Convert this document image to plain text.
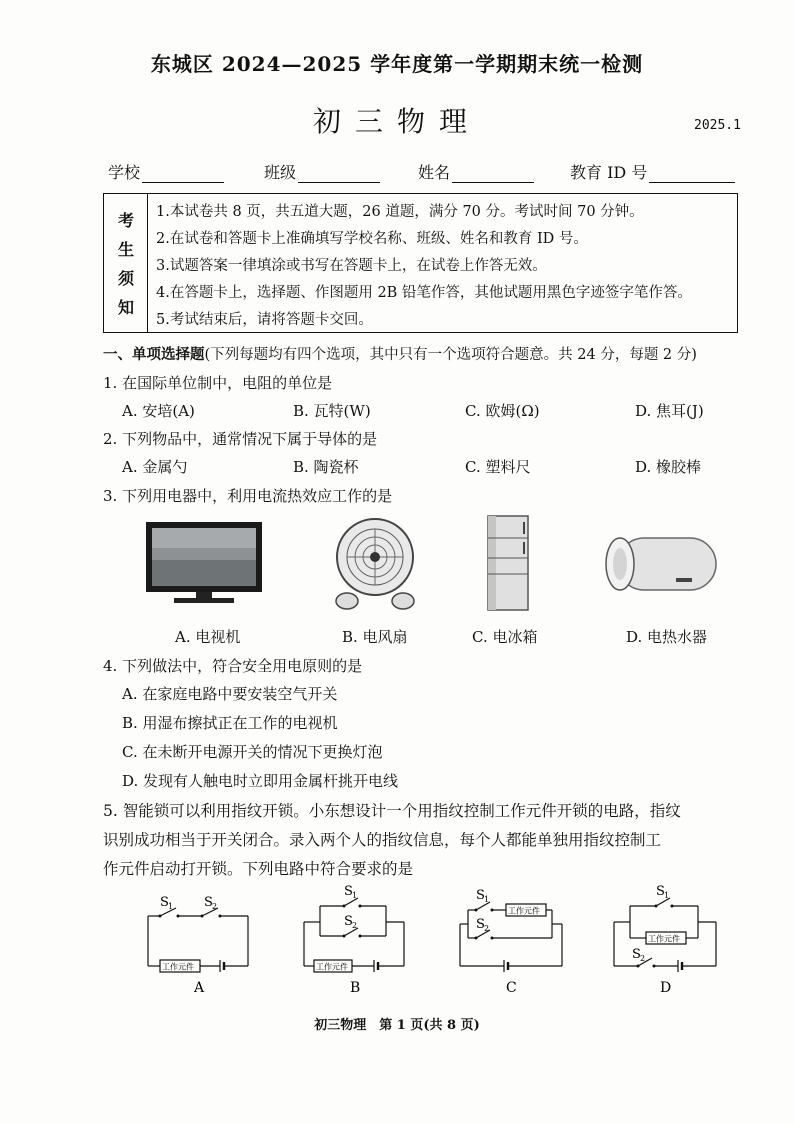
东城区 2024—2025 学年度第一学期期末统一检测
初三物理	2025.1
学校	班级	姓名	教育 ID 号
考
生
须
知
1.本试卷共 8 页，共五道大题，26 道题，满分 70 分。考试时间 70 分钟。
2.在试卷和答题卡上准确填写学校名称、班级、姓名和教育 ID 号。
3.试题答案一律填涂或书写在答题卡上，在试卷上作答无效。
4.在答题卡上，选择题、作图题用 2B 铅笔作答，其他试题用黑色字迹签字笔作答。
5.考试结束后，请将答题卡交回。
一、单项选择题(下列每题均有四个选项，其中只有一个选项符合题意。共 24 分，每题 2 分)
1. 在国际单位制中，电阻的单位是
A. 安培(A)	B. 瓦特(W)	C. 欧姆(Ω)	D. 焦耳(J)
2. 下列物品中，通常情况下属于导体的是
A. 金属勺	B. 陶瓷杯	C. 塑料尺	D. 橡胶棒
3. 下列用电器中，利用电流热效应工作的是
A. 电视机	B. 电风扇	C. 电冰箱	D. 电热水器
4. 下列做法中，符合安全用电原则的是
A. 在家庭电路中要安装空气开关
B. 用湿布擦拭正在工作的电视机
C. 在未断开电源开关的情况下更换灯泡
D. 发现有人触电时立即用金属杆挑开电线
5. 智能锁可以利用指纹开锁。小东想设计一个用指纹控制工作元件开锁的电路，指纹
识别成功相当于开关闭合。录入两个人的指纹信息，每个人都能单独用指纹控制工
作元件启动打开锁。下列电路中符合要求的是
S 1 S 2
工作元件
A
S 1
S 2
工作元件
B
S 1
S 2
工作元件
C
S 1
S 2
工作元件
D
初三物理　第 1 页(共 8 页)
